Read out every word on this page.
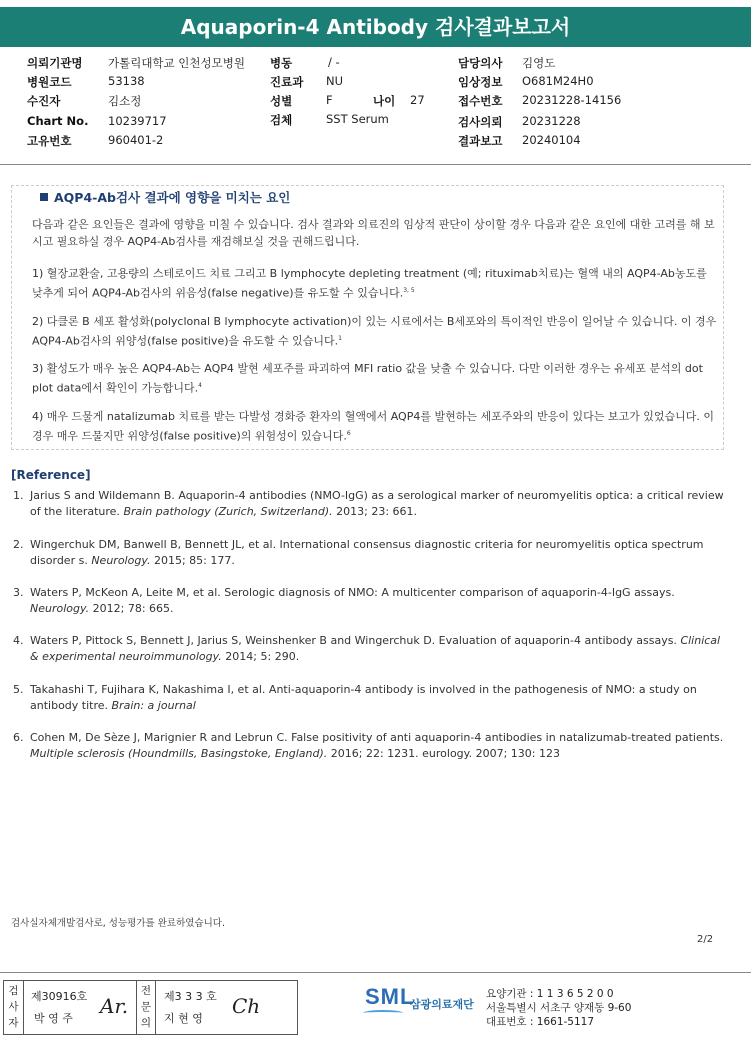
Aquaporin-4 Antibody 검사결과보고서
의뢰기관명 가톨릭대학교 인천성모병원
병원코드	53138
수진자	김소정
Chart No. 10239717
고유번호	960401-2
병동	/ -
진료과 NU
성별	F	나이 27
검체	SST Serum
담당의사 김영도
임상정보 O681M24H0
접수번호 20231228-14156
검사의뢰 20231228
결과보고 20240104
AQP4-Ab검사 결과에 영향을 미치는 요인
다음과 같은 요인들은 결과에 영향을 미칠 수 있습니다. 검사 결과와 의료진의 임상적 판단이 상이할 경우 다음과 같은 요인에 대한 고려를 해 보시고 필요하실 경우 AQP4-Ab검사를 재검해보실 것을 권해드립니다.
1) 혈장교환술, 고용량의 스테로이드 치료 그리고 B lymphocyte depleting treatment (예; rituximab치료)는 혈액 내의 AQP4-Ab농도를 낮추게 되어 AQP4-Ab검사의 위음성(false negative)를 유도할 수 있습니다.$^{3, 5}$
2) 다클론 B 세포 활성화(polyclonal B lymphocyte activation)이 있는 시료에서는 B세포와의 특이적인 반응이 일어날 수 있습니다. 이 경우 AQP4-Ab검사의 위양성(false positive)을 유도할 수 있습니다.$^1$
3) 활성도가 매우 높은 AQP4-Ab는 AQP4 발현 세포주를 파괴하여 MFI ratio 값을 낮출 수 있습니다. 다만 이러한 경우는 유세포 분석의 dot plot data에서 확인이 가능합니다.$^4$
4) 매우 드물게 natalizumab 치료를 받는 다발성 경화증 환자의 혈액에서 AQP4를 발현하는 세포주와의 반응이 있다는 보고가 있었습니다. 이 경우 매우 드물지만 위양성(false positive)의 위험성이 있습니다.$^6$
[Reference]
1. Jarius S and Wildemann B. Aquaporin-4 antibodies (NMO-IgG) as a serological marker of neuromyelitis optica: a critical review of the literature. Brain pathology (Zurich, Switzerland). 2013; 23: 661.
2. Wingerchuk DM, Banwell B, Bennett JL, et al. International consensus diagnostic criteria for neuromyelitis optica spectrum disorder s. Neurology. 2015; 85: 177.
3. Waters P, McKeon A, Leite M, et al. Serologic diagnosis of NMO: A multicenter comparison of aquaporin-4-IgG assays. Neurology. 2012; 78: 665.
4. Waters P, Pittock S, Bennett J, Jarius S, Weinshenker B and Wingerchuk D. Evaluation of aquaporin-4 antibody assays. Clinical & experimental neuroimmunology. 2014; 5: 290.
5. Takahashi T, Fujihara K, Nakashima I, et al. Anti-aquaporin-4 antibody is involved in the pathogenesis of NMO: a study on antibody titre. Brain: a journal
6. Cohen M, De Sèze J, Marignier R and Lebrun C. False positivity of anti aquaporin-4 antibodies in natalizumab-treated patients. Multiple sclerosis (Houndmills, Basingstoke, England). 2016; 22: 1231. eurology. 2007; 130: 123
검사실자체개발검사로, 성능평가를 완료하였습니다.
2/2
검사자
제30916호
박 영 주
Ar.
전문의
제3 3 3 호
지 현 영
Ch	SML
삼광의료재단
요양기관 : 1 1 3 6 5 2 0 0
서울특별시 서초구 양재동 9-60
대표번호 : 1661-5117
